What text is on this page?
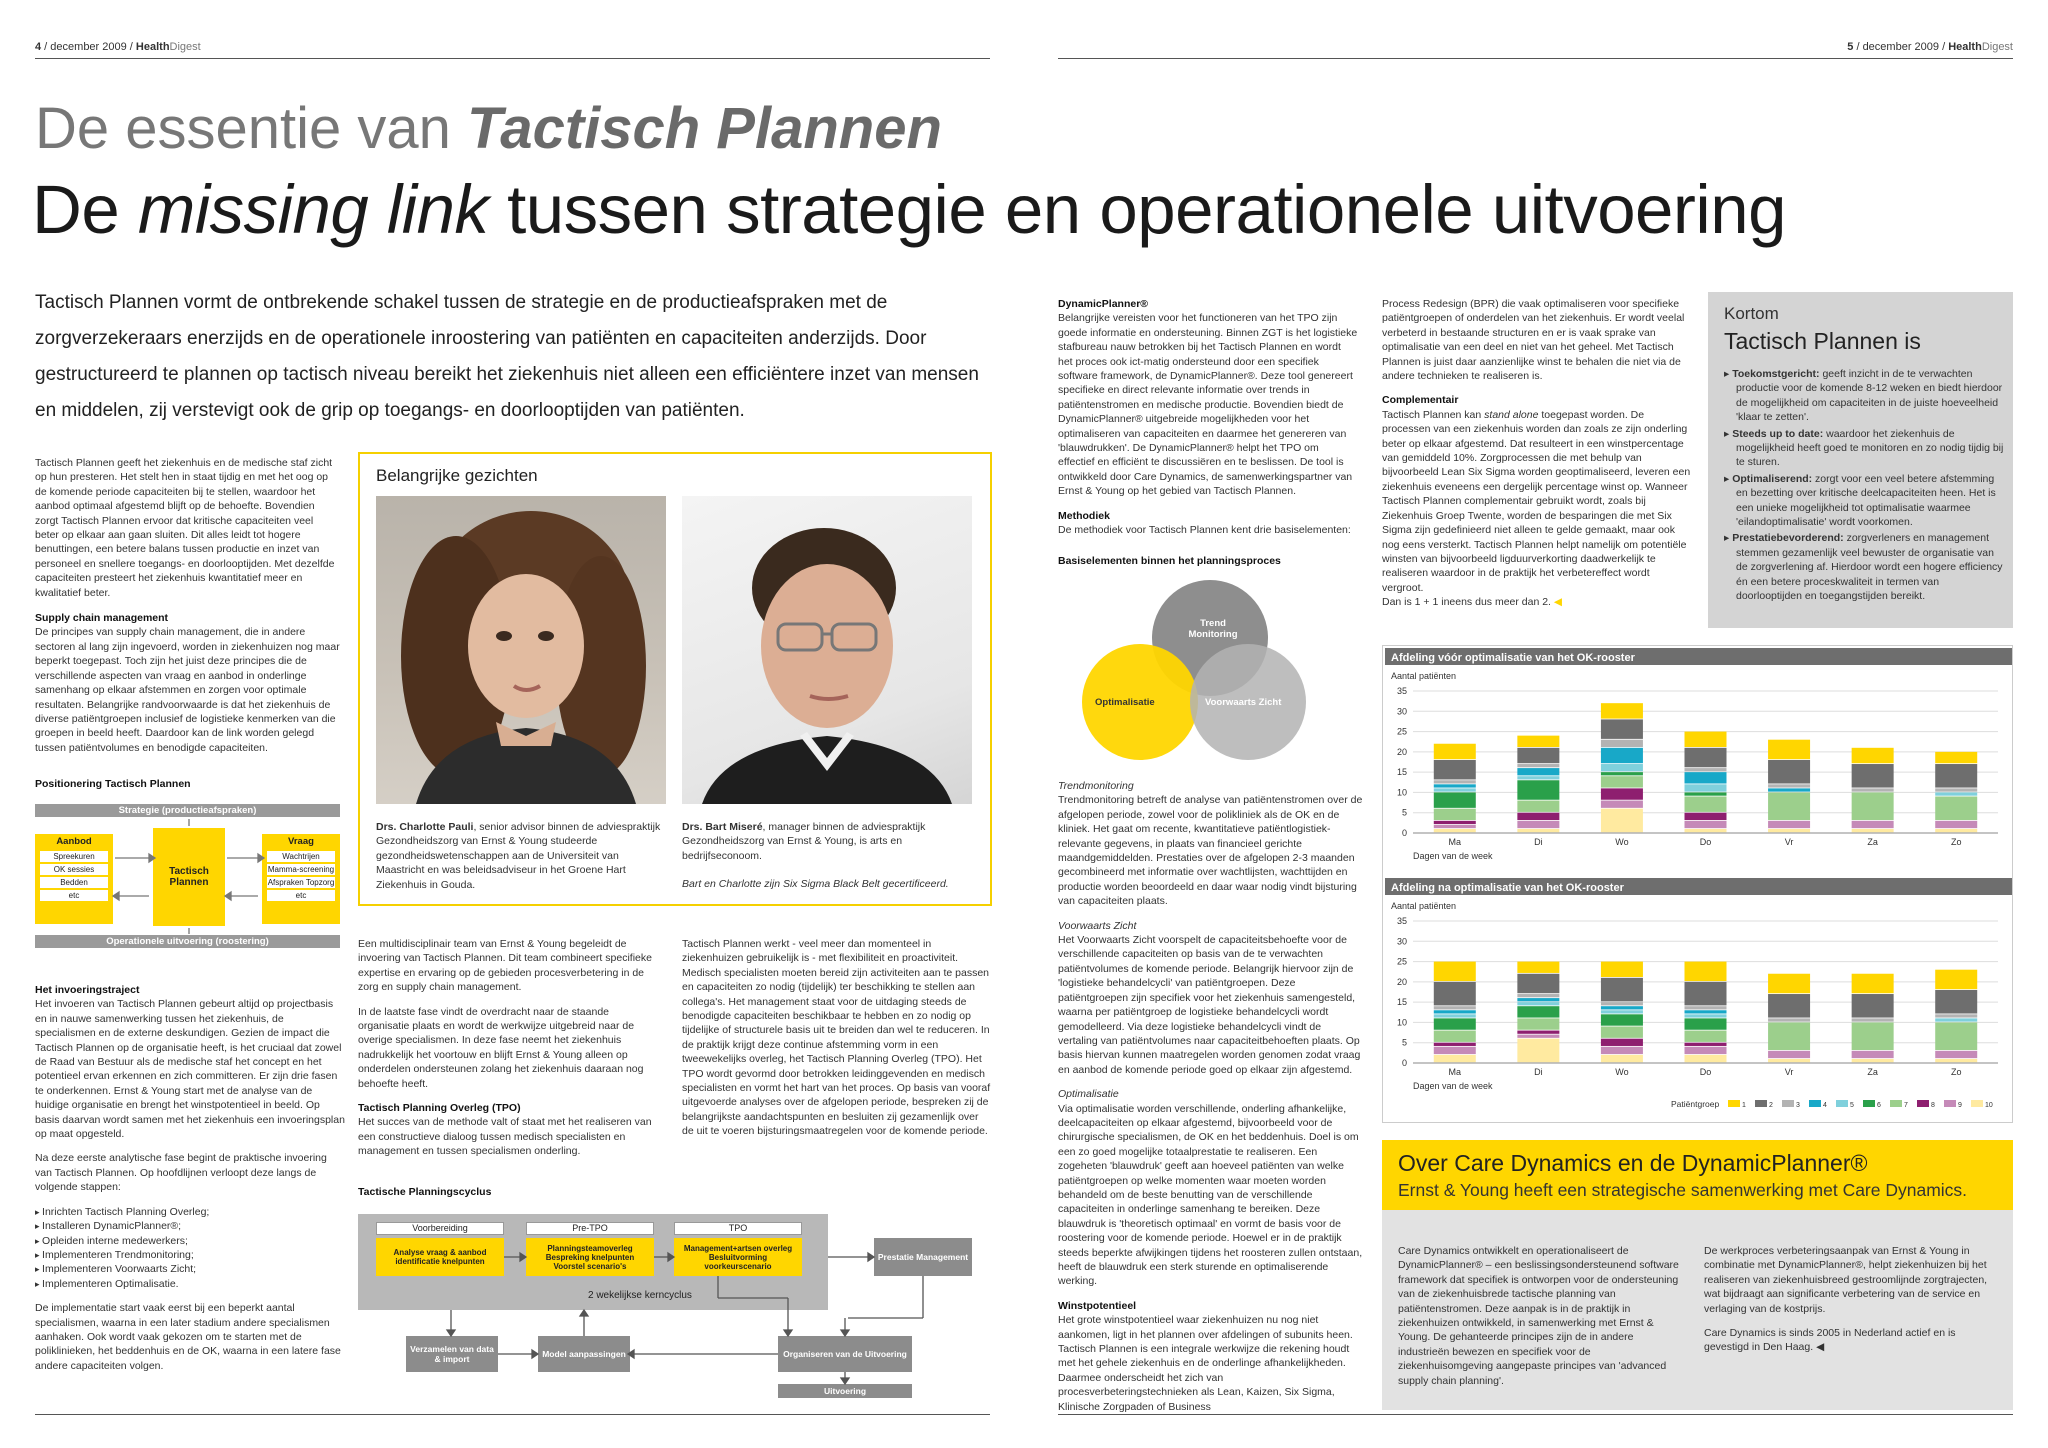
4 / december 2009 / HealthDigest	5 / december 2009 / HealthDigest
De essentie van Tactisch Plannen
De missing link tussen strategie en operationele uitvoering
Tactisch Plannen vormt de ontbrekende schakel tussen de strategie en de productieafspraken met de zorgverzekeraars enerzijds en de operationele inroostering van patiënten en capaciteiten anderzijds. Door gestructureerd te plannen op tactisch niveau bereikt het ziekenhuis niet alleen een efficiëntere inzet van mensen en middelen, zij verstevigt ook de grip op toegangs- en doorlooptijden van patiënten.

Tactisch Plannen geeft het ziekenhuis en de medische staf zicht op hun presteren. Het stelt hen in staat tijdig en met het oog op de komende periode capaciteiten bij te stellen, waardoor het aanbod optimaal afgestemd blijft op de behoefte. Bovendien zorgt Tactisch Plannen ervoor dat kritische capaciteiten veel beter op elkaar aan gaan sluiten. Dit alles leidt tot hogere benuttingen, een betere balans tussen productie en inzet van personeel en snellere toegangs- en doorlooptijden. Met dezelfde capaciteiten presteert het ziekenhuis kwantitatief meer en kwalitatief beter.

Supply chain management

De principes van supply chain management, die in andere sectoren al lang zijn ingevoerd, worden in ziekenhuizen nog maar beperkt toegepast. Toch zijn het juist deze principes die de verschillende aspecten van vraag en aanbod in onderlinge samenhang op elkaar afstemmen en zorgen voor optimale resultaten. Belangrijke randvoorwaarde is dat het ziekenhuis de diverse patiëntgroepen inclusief de logistieke kenmerken van die groepen in beeld heeft. Daardoor kan de link worden gelegd tussen patiëntvolumes en benodigde capaciteiten.

Positionering Tactisch Plannen
Strategie (productieafspraken)
Aanbod
Spreekuren
OK sessies
Bedden
etc
Tactisch Plannen
Vraag
Wachtrijen
Mamma-screening
Afspraken Topzorg
etc
Operationele uitvoering (roostering)

Het invoeringstraject

Het invoeren van Tactisch Plannen gebeurt altijd op projectbasis en in nauwe samenwerking tussen het ziekenhuis, de specialismen en de externe deskundigen. Gezien de impact die Tactisch Plannen op de organisatie heeft, is het cruciaal dat zowel de Raad van Bestuur als de medische staf het concept en het potentieel ervan erkennen en zich committeren. Er zijn drie fasen te onderkennen. Ernst & Young start met de analyse van de huidige organisatie en brengt het winstpotentieel in beeld. Op basis daarvan wordt samen met het ziekenhuis een invoeringsplan op maat opgesteld.

Na deze eerste analytische fase begint de praktische invoering van Tactisch Plannen. Op hoofdlijnen verloopt deze langs de volgende stappen:

▸ Inrichten Tactisch Planning Overleg;
▸ Installeren DynamicPlanner®;
▸ Opleiden interne medewerkers;
▸ Implementeren Trendmonitoring;
▸ Implementeren Voorwaarts Zicht;
▸ Implementeren Optimalisatie.

De implementatie start vaak eerst bij een beperkt aantal specialismen, waarna in een later stadium andere specialismen aanhaken. Ook wordt vaak gekozen om te starten met de poliklinieken, het beddenhuis en de OK, waarna in een latere fase andere capaciteiten volgen.

Belangrijke gezichten
Drs. Charlotte Pauli, senior advisor binnen de adviespraktijk Gezondheidszorg van Ernst & Young studeerde gezondheidswetenschappen aan de Universiteit van Maastricht en was beleidsadviseur in het Groene Hart Ziekenhuis in Gouda.
Drs. Bart Miseré, manager binnen de adviespraktijk Gezondheidszorg van Ernst & Young, is arts en bedrijfseconoom.

Bart en Charlotte zijn Six Sigma Black Belt gecertificeerd.

Een multidisciplinair team van Ernst & Young begeleidt de invoering van Tactisch Plannen. Dit team combineert specifieke expertise en ervaring op de gebieden procesverbetering in de zorg en supply chain management.

In de laatste fase vindt de overdracht naar de staande organisatie plaats en wordt de werkwijze uitgebreid naar de overige specialismen. In deze fase neemt het ziekenhuis nadrukkelijk het voortouw en blijft Ernst & Young alleen op onderdelen ondersteunen zolang het ziekenhuis daaraan nog behoefte heeft.

Tactisch Planning Overleg (TPO)

Het succes van de methode valt of staat met het realiseren van een constructieve dialoog tussen medisch specialisten en management en tussen specialismen onderling.

Tactisch Plannen werkt - veel meer dan momenteel in ziekenhuizen gebruikelijk is - met flexibiliteit en proactiviteit. Medisch specialisten moeten bereid zijn activiteiten aan te passen en capaciteiten zo nodig (tijdelijk) ter beschikking te stellen aan collega's. Het management staat voor de uitdaging steeds de benodigde capaciteiten beschikbaar te hebben en zo nodig op tijdelijke of structurele basis uit te breiden dan wel te reduceren. In de praktijk krijgt deze continue afstemming vorm in een tweewekelijks overleg, het Tactisch Planning Overleg (TPO). Het TPO wordt gevormd door betrokken leidinggevenden en medisch specialisten en vormt het hart van het proces. Op basis van vooraf uitgevoerde analyses over de afgelopen periode, bespreken zij de belangrijkste aandachtspunten en besluiten zij gezamenlijk over de uit te voeren bijsturingsmaatregelen voor de komende periode.

Tactische Planningscyclus
Voorbereiding	Pre-TPO	TPO
Analyse vraag & aanbod identificatie knelpunten
Planningsteamoverleg Bespreking knelpunten Voorstel scenario's
Management+artsen overleg Besluitvorming voorkeurscenario
2 wekelijkse kerncyclus
Prestatie Management
Verzamelen van data & import	Model aanpassingen	Organiseren van de Uitvoering
Uitvoering

DynamicPlanner®

Belangrijke vereisten voor het functioneren van het TPO zijn goede informatie en ondersteuning. Binnen ZGT is het logistieke stafbureau nauw betrokken bij het Tactisch Plannen en wordt het proces ook ict-matig ondersteund door een specifiek software framework, de DynamicPlanner®. Deze tool genereert specifieke en direct relevante informatie over trends in patiëntenstromen en medische productie. Bovendien biedt de DynamicPlanner® uitgebreide mogelijkheden voor het optimaliseren van capaciteiten en daarmee het genereren van 'blauwdrukken'. De DynamicPlanner® helpt het TPO om effectief en efficiënt te discussiëren en te beslissen. De tool is ontwikkeld door Care Dynamics, de samenwerkingspartner van Ernst & Young op het gebied van Tactisch Plannen.

Methodiek

De methodiek voor Tactisch Plannen kent drie basiselementen:

Basiselementen binnen het planningsproces

Trend Monitoring
Optimalisatie	Voorwaarts Zicht

Trendmonitoring

Trendmonitoring betreft de analyse van patiëntenstromen over de afgelopen periode, zowel voor de polikliniek als de OK en de kliniek. Het gaat om recente, kwantitatieve patiëntlogistiek-relevante gegevens, in plaats van financieel gerichte maandgemiddelden. Prestaties over de afgelopen 2-3 maanden gecombineerd met informatie over wachtlijsten, wachttijden en productie worden beoordeeld en daar waar nodig vindt bijsturing van capaciteiten plaats.

Voorwaarts Zicht

Het Voorwaarts Zicht voorspelt de capaciteitsbehoefte voor de verschillende capaciteiten op basis van de te verwachten patiëntvolumes de komende periode. Belangrijk hiervoor zijn de 'logistieke behandelcycli' van patiëntgroepen. Deze patiëntgroepen zijn specifiek voor het ziekenhuis samengesteld, waarna per patiëntgroep de logistieke behandelcycli wordt gemodelleerd. Via deze logistieke behandelcycli vindt de vertaling van patiëntvolumes naar capaciteitbehoeften plaats. Op basis hiervan kunnen maatregelen worden genomen zodat vraag en aanbod de komende periode goed op elkaar zijn afgestemd.

Optimalisatie

Via optimalisatie worden verschillende, onderling afhankelijke, deelcapaciteiten op elkaar afgestemd, bijvoorbeeld voor de chirurgische specialismen, de OK en het beddenhuis. Doel is om een zo goed mogelijke totaalprestatie te realiseren. Een zogeheten 'blauwdruk' geeft aan hoeveel patiënten van welke patiëntgroepen op welke momenten waar moeten worden behandeld om de beste benutting van de verschillende capaciteiten in onderlinge samenhang te bereiken. Deze blauwdruk is 'theoretisch optimaal' en vormt de basis voor de roostering voor de komende periode. Hoewel er in de praktijk steeds beperkte afwijkingen tijdens het roosteren zullen ontstaan, heeft de blauwdruk een sterk sturende en optimaliserende werking.

Winstpotentieel

Het grote winstpotentieel waar ziekenhuizen nu nog niet aankomen, ligt in het plannen over afdelingen of subunits heen. Tactisch Plannen is een integrale werkwijze die rekening houdt met het gehele ziekenhuis en de onderlinge afhankelijkheden. Daarmee onderscheidt het zich van procesverbeteringstechnieken als Lean, Kaizen, Six Sigma, Klinische Zorgpaden of Business

Process Redesign (BPR) die vaak optimaliseren voor specifieke patiëntgroepen of onderdelen van het ziekenhuis. Er wordt veelal verbeterd in bestaande structuren en er is vaak sprake van optimalisatie van een deel en niet van het geheel. Met Tactisch Plannen is juist daar aanzienlijke winst te behalen die niet via de andere technieken te realiseren is.

Complementair

Tactisch Plannen kan stand alone toegepast worden. De processen van een ziekenhuis worden dan zoals ze zijn onderling beter op elkaar afgestemd. Dat resulteert in een winstpercentage van gemiddeld 10%. Zorgprocessen die met behulp van bijvoorbeeld Lean Six Sigma worden geoptimaliseerd, leveren een ziekenhuis eveneens een dergelijk percentage winst op. Wanneer Tactisch Plannen complementair gebruikt wordt, zoals bij Ziekenhuis Groep Twente, worden de besparingen die met Six Sigma zijn gedefinieerd niet alleen te gelde gemaakt, maar ook nog eens versterkt. Tactisch Plannen helpt namelijk om potentiële winsten van bijvoorbeeld ligduurverkorting daadwerkelijk te realiseren waardoor in de praktijk het verbetereffect wordt vergroot.

Dan is 1 + 1 ineens dus meer dan 2. ◀

Kortom
Tactisch Plannen is
▸ Toekomstgericht: geeft inzicht in de te verwachten productie voor de komende 8-12 weken en biedt hierdoor de mogelijkheid om capaciteiten in de juiste hoeveelheid 'klaar te zetten'.
▸ Steeds up to date: waardoor het ziekenhuis de mogelijkheid heeft goed te monitoren en zo nodig tijdig bij te sturen.
▸ Optimaliserend: zorgt voor een veel betere afstemming en bezetting over kritische deelcapaciteiten heen. Het is een unieke mogelijkheid tot optimalisatie waarmee 'eilandoptimalisatie' wordt voorkomen.
▸ Prestatiebevorderend: zorgverleners en management stemmen gezamenlijk veel bewuster de organisatie van de zorgverlening af. Hierdoor wordt een hogere efficiency én een betere proceskwaliteit in termen van doorlooptijden en toegangstijden bereikt.
Afdeling vóór optimalisatie van het OK-rooster
Aantal patiënten
0
5
10
15
20
25
30
35
Ma	Di	Wo	Do	Vr	Za	Zo
Dagen van de week
Afdeling na optimalisatie van het OK-rooster
Aantal patiënten
0
5
10
15
20
25
30
35
Ma	Di	Wo	Do	Vr	Za	Zo
Dagen van de week
Patiëntgroep	1	2	3	4	5	6	7	8	9	10
Over Care Dynamics en de DynamicPlanner®
Ernst & Young heeft een strategische samenwerking met Care Dynamics.
Care Dynamics ontwikkelt en operationaliseert de DynamicPlanner® – een beslissingsondersteunend software framework dat specifiek is ontworpen voor de ondersteuning van de ziekenhuisbrede tactische planning van patiëntenstromen. Deze aanpak is in de praktijk in ziekenhuizen ontwikkeld, in samenwerking met Ernst & Young. De gehanteerde principes zijn de in andere industrieën bewezen en specifiek voor de ziekenhuisomgeving aangepaste principes van 'advanced supply chain planning'.

De werkproces verbeteringsaanpak van Ernst & Young in combinatie met DynamicPlanner®, helpt ziekenhuizen bij het realiseren van ziekenhuisbreed gestroomlijnde zorgtrajecten, wat bijdraagt aan significante verbetering van de service en verlaging van de kostprijs.

Care Dynamics is sinds 2005 in Nederland actief en is gevestigd in Den Haag. ◀
